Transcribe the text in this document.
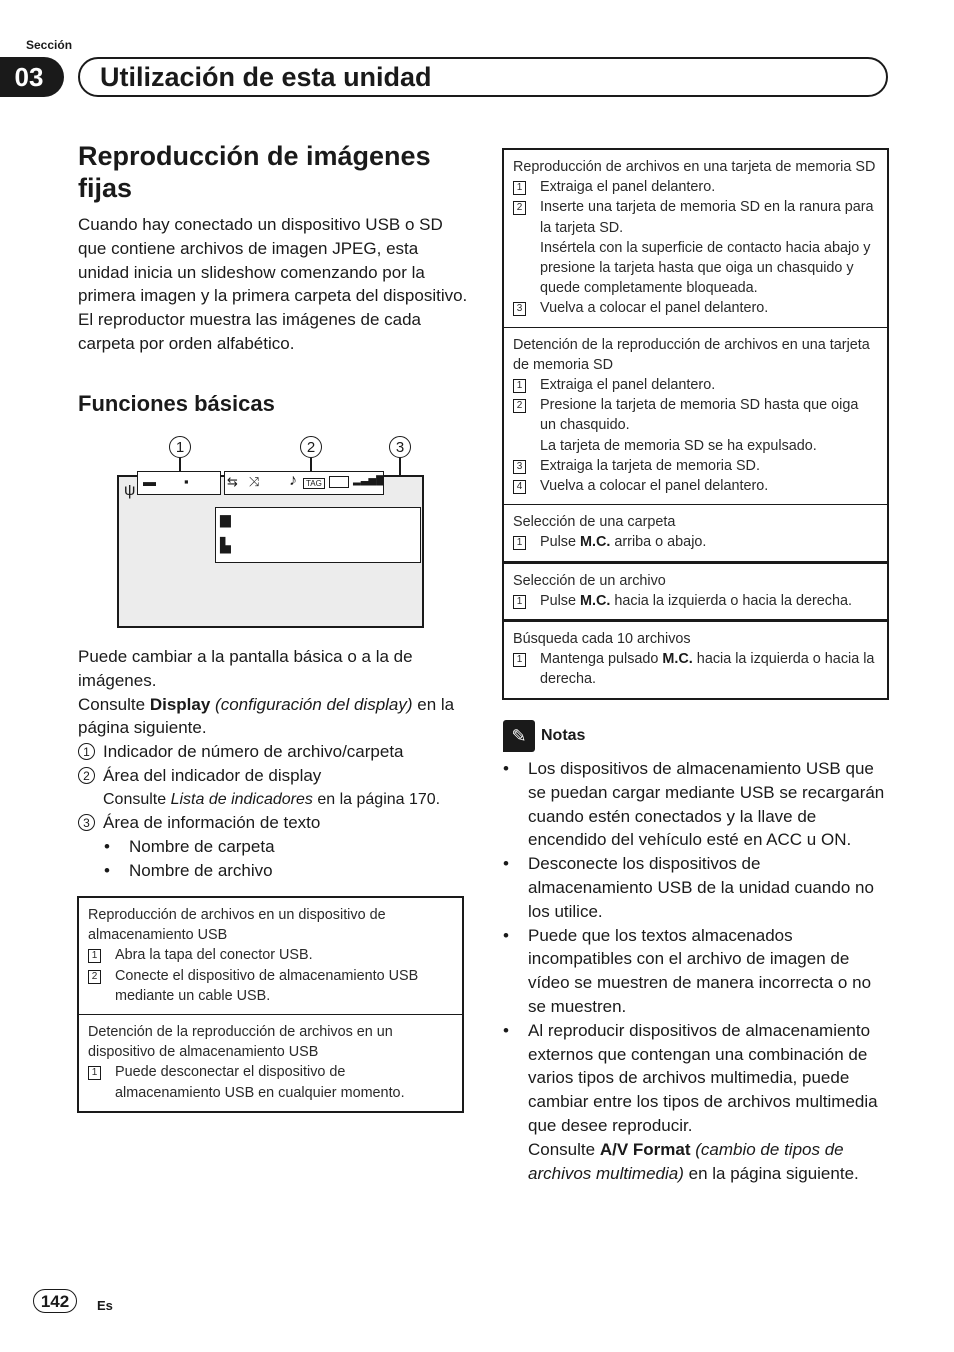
Sección
03	Utilización de esta unidad
Reproducción de imágenes fijas
Cuando hay conectado un dispositivo USB o SD que contiene archivos de imagen JPEG, esta unidad inicia un slideshow comenzando por la primera imagen y la primera carpeta del dispositivo. El reproductor muestra las imágenes de cada carpeta por orden alfabético.
Funciones básicas
1	2	3
ψ
▬ ▪	⇆ ⤨ ♪	TAG	▂▃▅▇
▆
▙
Puede cambiar a la pantalla básica o a la de imágenes.
Consulte Display (configuración del display) en la página siguiente.
1 Indicador de número de archivo/carpeta
2 Área del indicador de display
Consulte Lista de indicadores en la página 170.
3 Área de información de texto
•	Nombre de carpeta
•	Nombre de archivo
Reproducción de archivos en un dispositivo de almacenamiento USB
1 Abra la tapa del conector USB.
2 Conecte el dispositivo de almacenamiento USB mediante un cable USB.
Detención de la reproducción de archivos en un dispositivo de almacenamiento USB
1 Puede desconectar el dispositivo de almacenamiento USB en cualquier momento.
Reproducción de archivos en una tarjeta de memoria SD
1 Extraiga el panel delantero.
2 Inserte una tarjeta de memoria SD en la ranura para la tarjeta SD.
Insértela con la superficie de contacto hacia abajo y presione la tarjeta hasta que oiga un chasquido y quede completamente bloqueada.
3 Vuelva a colocar el panel delantero.
Detención de la reproducción de archivos en una tarjeta de memoria SD
1 Extraiga el panel delantero.
2 Presione la tarjeta de memoria SD hasta que oiga un chasquido.
La tarjeta de memoria SD se ha expulsado.
3 Extraiga la tarjeta de memoria SD.
4 Vuelva a colocar el panel delantero.
Selección de una carpeta
1 Pulse M.C. arriba o abajo.
Selección de un archivo
1 Pulse M.C. hacia la izquierda o hacia la derecha.
Búsqueda cada 10 archivos
1 Mantenga pulsado M.C. hacia la izquierda o hacia la derecha.
✎ Notas
•	Los dispositivos de almacenamiento USB que se puedan cargar mediante USB se recargarán cuando estén conectados y la llave de encendido del vehículo esté en ACC u ON.
•	Desconecte los dispositivos de almacenamiento USB de la unidad cuando no los utilice.
•	Puede que los textos almacenados incompatibles con el archivo de imagen de vídeo se muestren de manera incorrecta o no se muestren.
•	Al reproducir dispositivos de almacenamiento externos que contengan una combinación de varios tipos de archivos multimedia, puede cambiar entre los tipos de archivos multimedia que desee reproducir.
Consulte A/V Format (cambio de tipos de archivos multimedia) en la página siguiente.
142	Es
